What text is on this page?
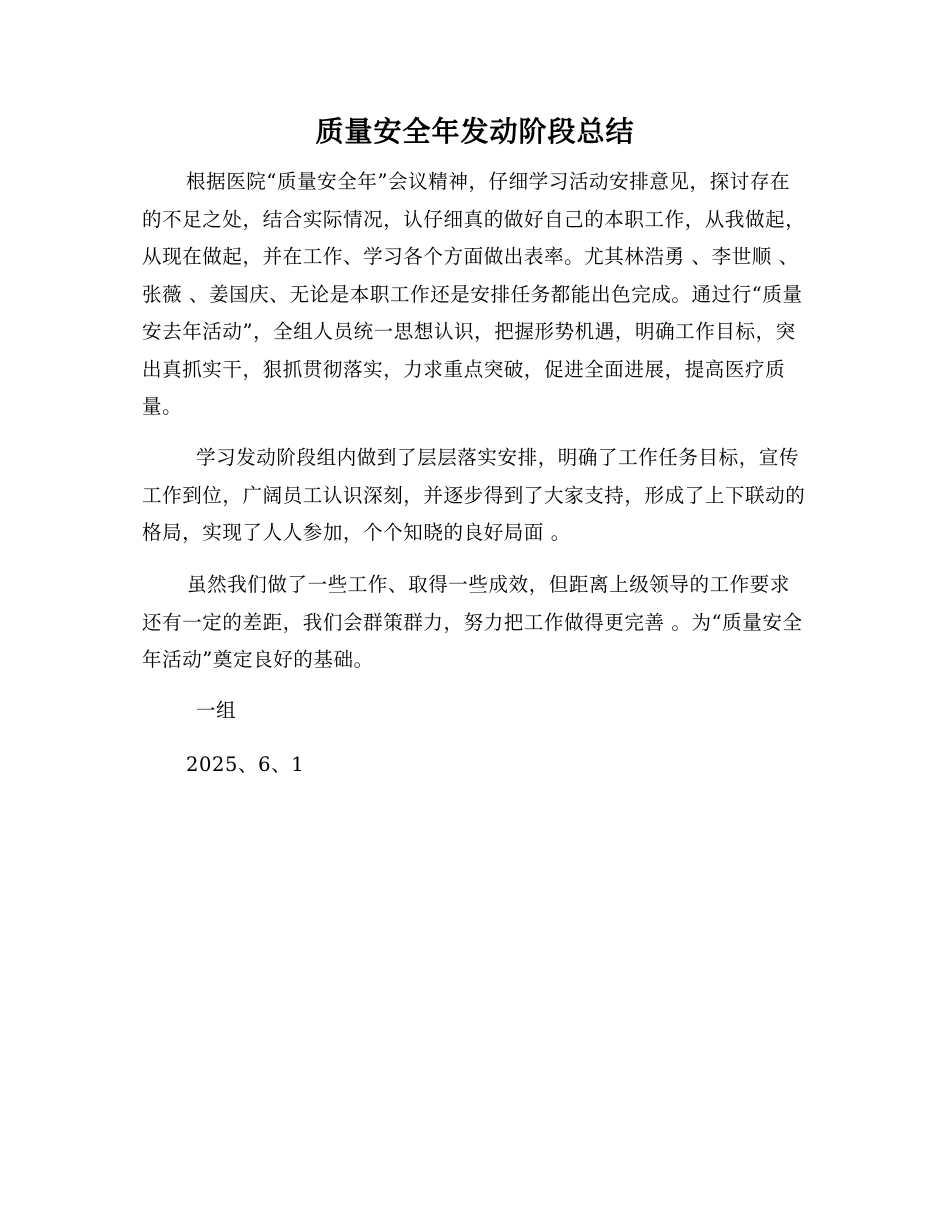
质量安全年发动阶段总结

根据医院“质量安全年”会议精神，仔细学习活动安排意见，探讨存在的不足之处，结合实际情况，认仔细真的做好自己的本职工作，从我做起，从现在做起，并在工作、学习各个方面做出表率。尤其林浩勇 、李世顺 、张薇 、姜国庆、无论是本职工作还是安排任务都能出色完成。通过行“质量安去年活动”，全组人员统一思想认识，把握形势机遇，明确工作目标，突出真抓实干，狠抓贯彻落实，力求重点突破，促进全面进展，提高医疗质量。

学习发动阶段组内做到了层层落实安排，明确了工作任务目标，宣传工作到位，广阔员工认识深刻，并逐步得到了大家支持，形成了上下联动的格局，实现了人人参加，个个知晓的良好局面 。

虽然我们做了一些工作、取得一些成效，但距离上级领导的工作要求还有一定的差距，我们会群策群力，努力把工作做得更完善 。为“质量安全年活动”奠定良好的基础。

一组
2025、6、1
